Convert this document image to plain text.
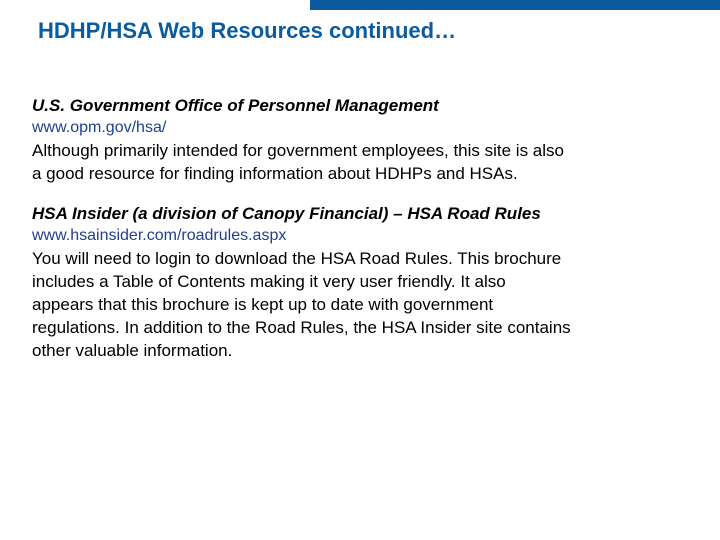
HDHP/HSA Web Resources continued…

U.S. Government Office of Personnel Management

www.opm.gov/hsa/

Although primarily intended for government employees, this site is also
a good resource for finding information about HDHPs and HSAs.

HSA Insider (a division of Canopy Financial) – HSA Road Rules

www.hsainsider.com/roadrules.aspx

You will need to login to download the HSA Road Rules. This brochure
includes a Table of Contents making it very user friendly. It also
appears that this brochure is kept up to date with government
regulations. In addition to the Road Rules, the HSA Insider site contains
other valuable information.
